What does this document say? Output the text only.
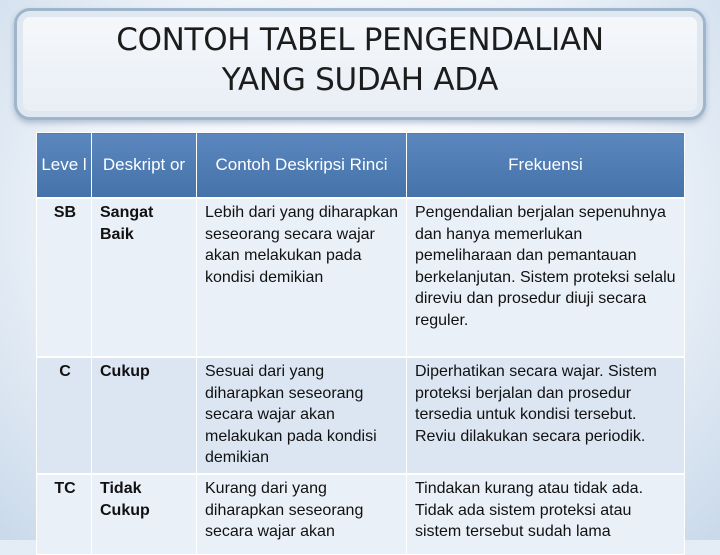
CONTOH TABEL PENGENDALIAN
YANG SUDAH ADA
Leve l	Deskript or	Contoh Deskripsi Rinci	Frekuensi
SB	Sangat Baik	Lebih dari yang diharapkan seseorang secara wajar akan melakukan pada kondisi demikian	Pengendalian berjalan sepenuhnya dan hanya memerlukan pemeliharaan dan pemantauan berkelanjutan. Sistem proteksi selalu direviu dan prosedur diuji secara reguler.
C	Cukup	Sesuai dari yang diharapkan seseorang secara wajar akan melakukan pada kondisi demikian	Diperhatikan secara wajar. Sistem proteksi berjalan dan prosedur tersedia untuk kondisi tersebut. Reviu dilakukan secara periodik.
TC	Tidak Cukup	Kurang dari yang diharapkan seseorang secara wajar akan	Tindakan kurang atau tidak ada. Tidak ada sistem proteksi atau sistem tersebut sudah lama
